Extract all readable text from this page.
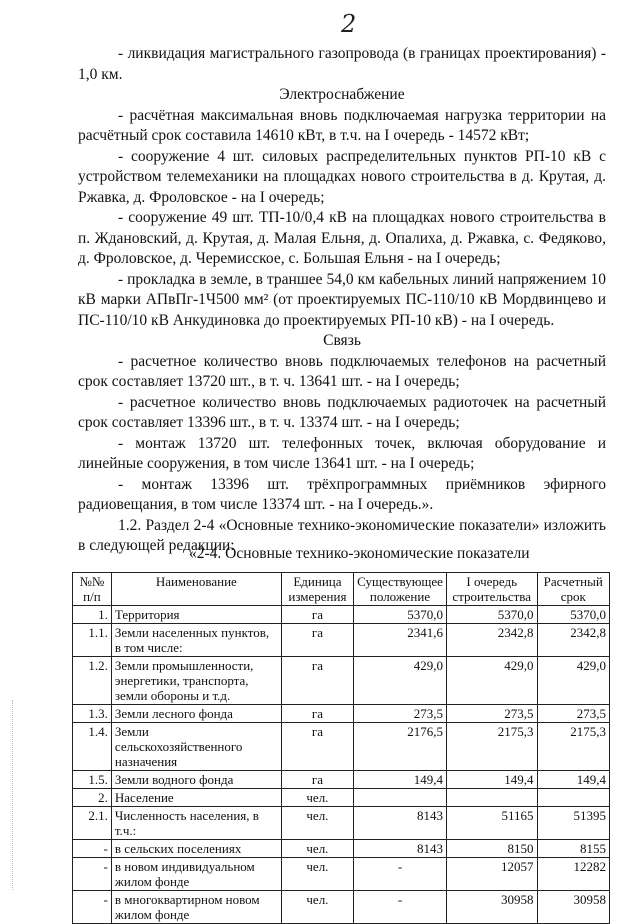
2

- ликвидация магистрального газопровода (в границах проектирования) - 1,0 км.

Электроснабжение

- расчётная максимальная вновь подключаемая нагрузка территории на расчётный срок составила 14610 кВт, в т.ч. на I очередь - 14572 кВт;

- сооружение 4 шт. силовых распределительных пунктов РП-10 кВ с устройством телемеханики на площадках нового строительства в д. Крутая, д. Ржавка, д. Фроловское - на I очередь;

- сооружение 49 шт. ТП-10/0,4 кВ на площадках нового строительства в п. Ждановский, д. Крутая, д. Малая Ельня, д. Опалиха, д. Ржавка, с. Федяково, д. Фроловское, д. Черемисское, с. Большая Ельня - на I очередь;

- прокладка в земле, в траншее 54,0 км кабельных линий напряжением 10 кВ марки АПвПг-1Ч500 мм² (от проектируемых ПС-110/10 кВ Мордвинцево и ПС-110/10 кВ Анкудиновка до проектируемых РП-10 кВ) - на I очередь.

Связь

- расчетное количество вновь подключаемых телефонов на расчетный срок составляет 13720 шт., в т. ч. 13641 шт. - на I очередь;

- расчетное количество вновь подключаемых радиоточек на расчетный срок составляет 13396 шт., в т. ч. 13374 шт. - на I очередь;

- монтаж 13720 шт. телефонных точек, включая оборудование и линейные сооружения, в том числе 13641 шт. - на I очередь;

- монтаж 13396 шт. трёхпрограммных приёмников эфирного радиовещания, в том числе 13374 шт. - на I очередь.».

1.2. Раздел 2-4 «Основные технико-экономические показатели» изложить в следующей редакции:

«2-4. Основные технико-экономические показатели
№№ п/п	Наименование	Единица измерения	Существующее положение	I очередь строительства	Расчетный срок
1.	Территория	га	5370,0	5370,0	5370,0
1.1.	Земли населенных пунктов, в том числе:	га	2341,6	2342,8	2342,8
1.2.	Земли промышленности, энергетики, транспорта, земли обороны и т.д.	га	429,0	429,0	429,0
1.3.	Земли лесного фонда	га	273,5	273,5	273,5
1.4.	Земли сельскохозяйственного назначения	га	2176,5	2175,3	2175,3
1.5.	Земли водного фонда	га	149,4	149,4	149,4
2.	Население	чел.			
2.1.	Численность населения, в т.ч.:	чел.	8143	51165	51395
-	в сельских поселениях	чел.	8143	8150	8155
-	в новом индивидуальном жилом фонде	чел.	-	12057	12282
-	в многоквартирном новом жилом фонде	чел.	-	30958	30958
